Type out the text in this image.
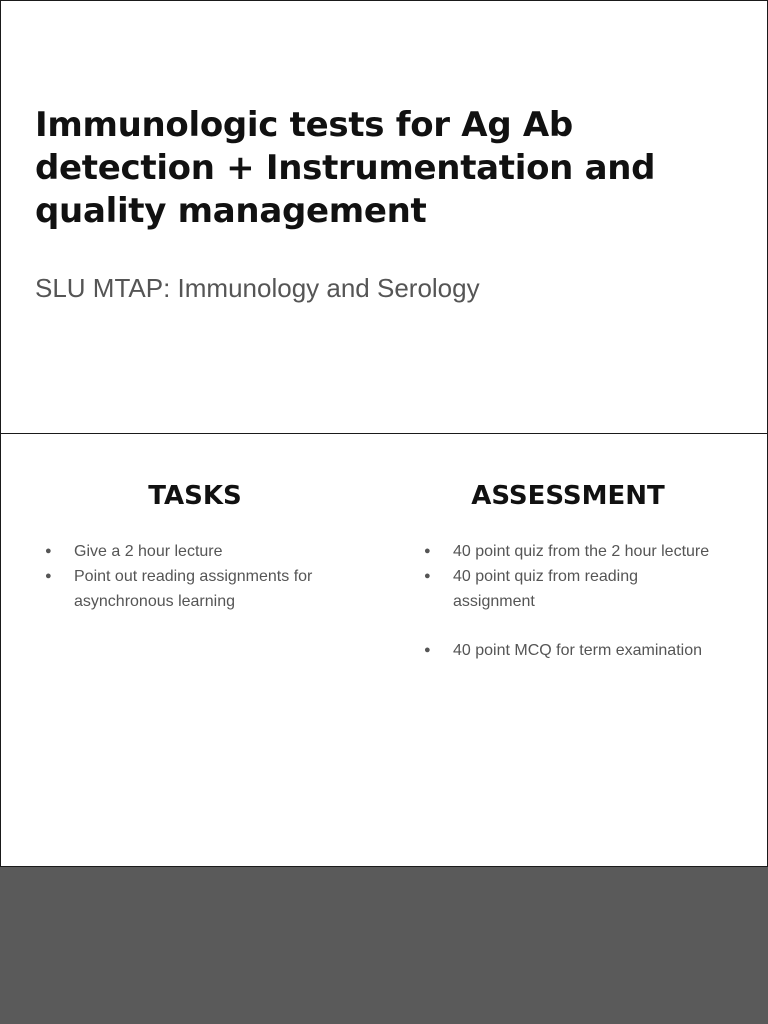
Immunologic tests for Ag Ab detection + Instrumentation and quality management
SLU MTAP: Immunology and Serology
TASKS
● Give a 2 hour lecture
● Point out reading assignments for asynchronous learning
ASSESSMENT
● 40 point quiz from the 2 hour lecture
● 40 point quiz from reading assignment
● 40 point MCQ for term examination
